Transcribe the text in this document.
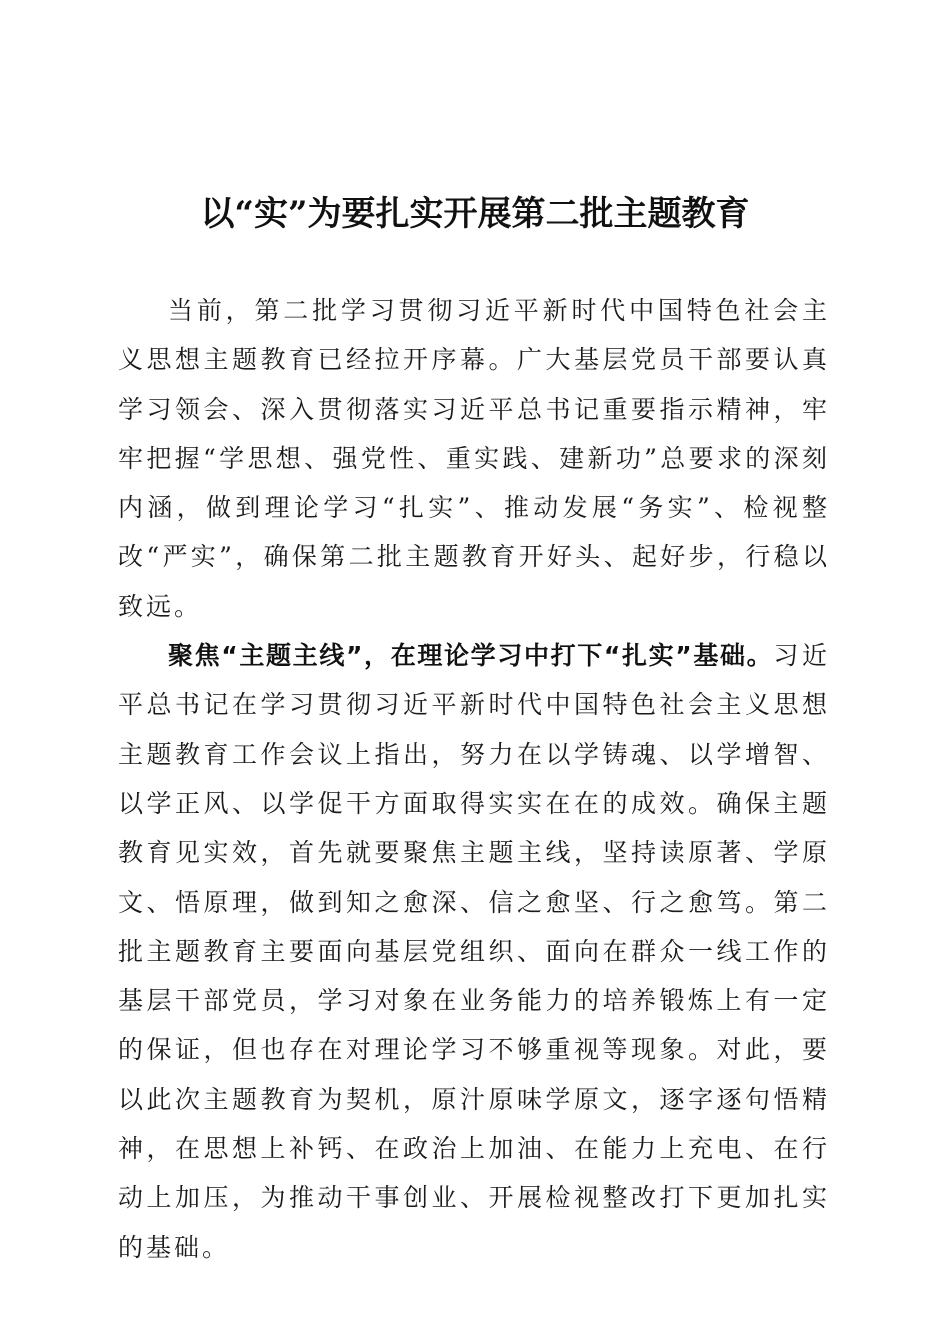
以“实”为要扎实开展第二批主题教育

当前，第二批学习贯彻习近平新时代中国特色社会主义思想主题教育已经拉开序幕。广大基层党员干部要认真学习领会、深入贯彻落实习近平总书记重要指示精神，牢牢把握“学思想、强党性、重实践、建新功”总要求的深刻内涵，做到理论学习“扎实”、推动发展“务实”、检视整改“严实”，确保第二批主题教育开好头、起好步，行稳以致远。

聚焦“主题主线”，在理论学习中打下“扎实”基础。习近平总书记在学习贯彻习近平新时代中国特色社会主义思想主题教育工作会议上指出，努力在以学铸魂、以学增智、以学正风、以学促干方面取得实实在在的成效。确保主题教育见实效，首先就要聚焦主题主线，坚持读原著、学原文、悟原理，做到知之愈深、信之愈坚、行之愈笃。第二批主题教育主要面向基层党组织、面向在群众一线工作的基层干部党员，学习对象在业务能力的培养锻炼上有一定的保证，但也存在对理论学习不够重视等现象。对此，要以此次主题教育为契机，原汁原味学原文，逐字逐句悟精神，在思想上补钙、在政治上加油、在能力上充电、在行动上加压，为推动干事创业、开展检视整改打下更加扎实的基础。
